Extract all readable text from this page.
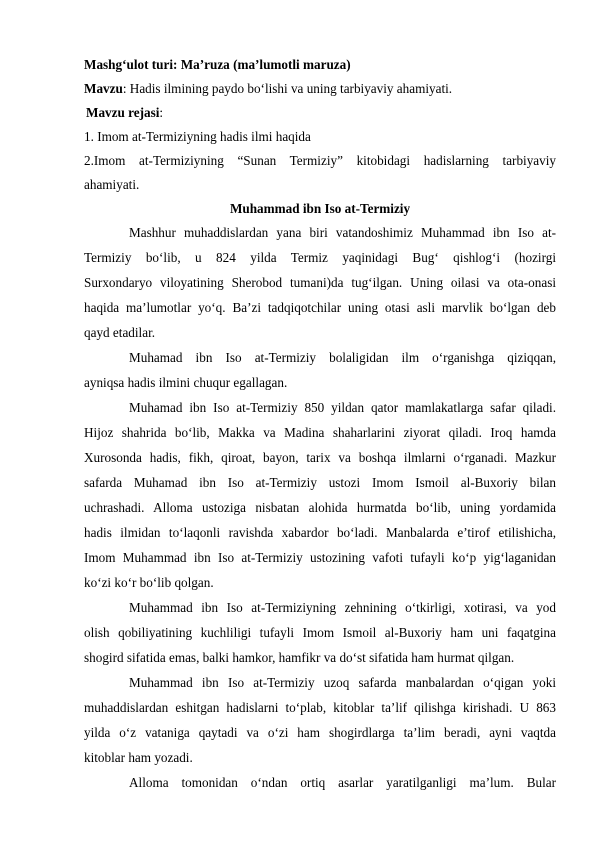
Mashg‘ulot turi: Ma’ruza (ma’lumotli maruza)
Mavzu: Hadis ilmining paydo bo‘lishi va uning tarbiyaviy ahamiyati.
Mavzu rejasi:
1. Imom at-Termiziyning hadis ilmi haqida
2.Imom at-Termiziyning “Sunan Termiziy” kitobidagi hadislarning tarbiyaviy
ahamiyati.
Muhammad ibn Iso at-Termiziy
Mashhur muhaddislardan yana biri vatandoshimiz Muhammad ibn Iso at-
Termiziy bo‘lib, u 824 yilda Termiz yaqinidagi Bug‘ qishlog‘i (hozirgi
Surxondaryo viloyatining Sherobod tumani)da tug‘ilgan. Uning oilasi va ota-onasi
haqida ma’lumotlar yo‘q. Ba’zi tadqiqotchilar uning otasi asli marvlik bo‘lgan deb
qayd etadilar.
Muhamad ibn Iso at-Termiziy bolaligidan ilm o‘rganishga qiziqqan,
ayniqsa hadis ilmini chuqur egallagan.
Muhamad ibn Iso at-Termiziy 850 yildan qator mamlakatlarga safar qiladi.
Hijoz shahrida bo‘lib, Makka va Madina shaharlarini ziyorat qiladi. Iroq hamda
Xurosonda hadis, fikh, qiroat, bayon, tarix va boshqa ilmlarni o‘rganadi. Mazkur
safarda Muhamad ibn Iso at-Termiziy ustozi Imom Ismoil al-Buxoriy bilan
uchrashadi. Alloma ustoziga nisbatan alohida hurmatda bo‘lib, uning yordamida
hadis ilmidan to‘laqonli ravishda xabardor bo‘ladi. Manbalarda e’tirof etilishicha,
Imom Muhammad ibn Iso at-Termiziy ustozining vafoti tufayli ko‘p yig‘laganidan
ko‘zi ko‘r bo‘lib qolgan.
Muhammad ibn Iso at-Termiziyning zehnining o‘tkirligi, xotirasi, va yod
olish qobiliyatining kuchliligi tufayli Imom Ismoil al-Buxoriy ham uni faqatgina
shogird sifatida emas, balki hamkor, hamfikr va do‘st sifatida ham hurmat qilgan.
Muhammad ibn Iso at-Termiziy uzoq safarda manbalardan o‘qigan yoki
muhaddislardan eshitgan hadislarni to‘plab, kitoblar ta’lif qilishga kirishadi. U 863
yilda o‘z vataniga qaytadi va o‘zi ham shogirdlarga ta’lim beradi, ayni vaqtda
kitoblar ham yozadi.
Alloma tomonidan o‘ndan ortiq asarlar yaratilganligi ma’lum. Bular
